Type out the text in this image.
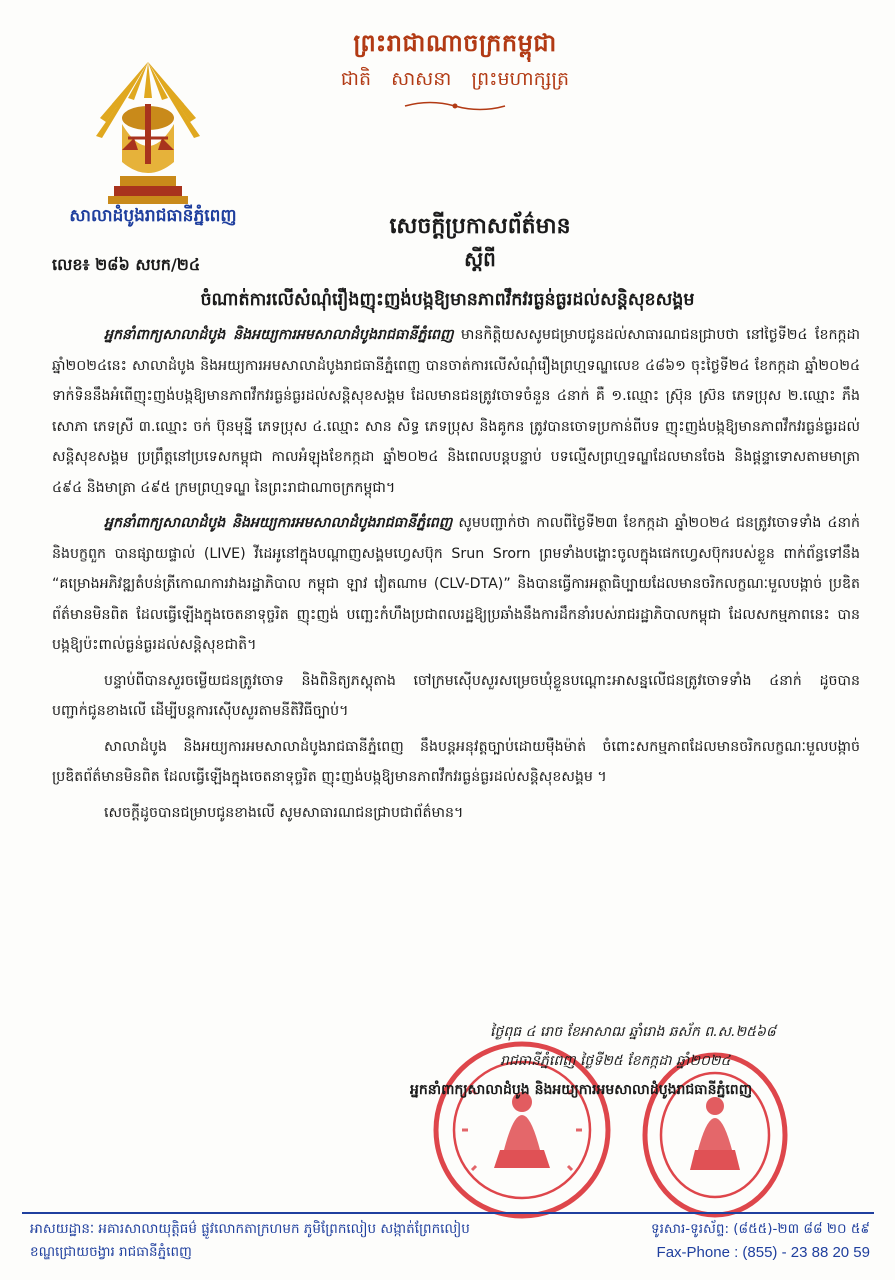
សាលាដំបូងរាជធានីភ្នំពេញ
ព្រះរាជាណាចក្រកម្ពុជា
ជាតិ សាសនា ព្រះមហាក្សត្រ
លេខ៖ ២៨៦ សបក/២៤
សេចក្ដីប្រកាសព័ត៌មាន
ស្ដីពី
ចំណាត់ការលើសំណុំរឿងញុះញង់បង្កឱ្យមានភាពវឹកវរធ្ងន់ធ្ងរដល់សន្ដិសុខសង្គម

អ្នកនាំពាក្យសាលាដំបូង និងអយ្យការអមសាលាដំបូងរាជធានីភ្នំពេញ មានកិត្តិយសសូមជម្រាបជូនដល់សាធារណជនជ្រាបថា នៅថ្ងៃទី២៤ ខែកក្កដា ឆ្នាំ២០២៤នេះ សាលាដំបូង និងអយ្យការអមសាលាដំបូងរាជធានីភ្នំពេញ បានចាត់ការលើសំណុំរឿងព្រហ្មទណ្ឌលេខ ៤៨៦១ ចុះថ្ងៃទី២៤ ខែកក្កដា ឆ្នាំ២០២៤ ទាក់ទិននឹងអំពើញុះញង់បង្កឱ្យមានភាពវឹកវរធ្ងន់ធ្ងរដល់សន្តិសុខសង្គម ដែលមានជនត្រូវចោទចំនួន ៤នាក់ គឺ ១.ឈ្មោះ ស្រ៊ុន ស្រ៊ន ភេទប្រុស ២.ឈ្មោះ ភឹង សោភា ភេទស្រី ៣.ឈ្មោះ ចក់ ប៊ុនមុន្នី ភេទប្រុស ៤.ឈ្មោះ សាន សិទ្ធ ភេទប្រុស និងគូកន ត្រូវបានចោទប្រកាន់ពីបទ ញុះញង់បង្កឱ្យមានភាពវឹកវរធ្ងន់ធ្ងរដល់សន្តិសុខសង្គម ប្រព្រឹត្តនៅប្រទេសកម្ពុជា កាលអំឡុងខែកក្កដា ឆ្នាំ២០២៤ និងពេលបន្តបន្ទាប់ បទល្មើសព្រហ្មទណ្ឌដែលមានចែង និងផ្ដន្ទាទោសតាមមាត្រា ៤៩៤ និងមាត្រា ៤៩៥ ក្រមព្រហ្មទណ្ឌ នៃព្រះរាជាណាចក្រកម្ពុជា។

អ្នកនាំពាក្យសាលាដំបូង និងអយ្យការអមសាលាដំបូងរាជធានីភ្នំពេញ សូមបញ្ជាក់ថា កាលពីថ្ងៃទី២៣ ខែកក្កដា ឆ្នាំ២០២៤ ជនត្រូវចោទទាំង ៤នាក់ និងបក្ខពួក បានផ្សាយផ្ទាល់ (LIVE) វីដេអូនៅក្នុងបណ្ដាញសង្គមហ្វេសប៊ុក Srun Srorn ព្រមទាំងបង្ហោះចូលក្នុងផេកហ្វេសប៊ុករបស់ខ្លួន ពាក់ព័ន្ធទៅនឹង “គម្រោងអភិវឌ្ឍតំបន់ត្រីកោណការវាងរដ្ឋាភិបាល កម្ពុជា ឡាវ វៀតណាម (CLV-DTA)” និងបានធ្វើការអត្ថាធិប្បាយដែលមានចរិកលក្ខណៈមួលបង្កាច់ ប្រឌិតព័ត៌មានមិនពិត ដែលធ្វើឡើងក្នុងចេតនាទុច្ចរិត ញុះញង់ បញ្ឆេះកំហឹងប្រជាពលរដ្ឋឱ្យប្រឆាំងនឹងការដឹកនាំរបស់រាជរដ្ឋាភិបាលកម្ពុជា ដែលសកម្មភាពនេះ បានបង្កឱ្យប៉ះពាល់ធ្ងន់ធ្ងរដល់សន្តិសុខជាតិ។

បន្ទាប់ពីបានសួរចម្លើយជនត្រូវចោទ និងពិនិត្យភស្ដុតាង ចៅក្រមស៊ើបសួរសម្រេចឃុំខ្លួនបណ្ដោះអាសន្នលើជនត្រូវចោទទាំង ៤នាក់ ដូចបានបញ្ជាក់ជូនខាងលើ ដើម្បីបន្តការស៊ើបសួរតាមនីតិវិធីច្បាប់។

សាលាដំបូង និងអយ្យការអមសាលាដំបូងរាជធានីភ្នំពេញ នឹងបន្តអនុវត្តច្បាប់ដោយម៉ឺងម៉ាត់ ចំពោះសកម្មភាពដែលមានចរិកលក្ខណៈមួលបង្កាច់ ប្រឌិតព័ត៌មានមិនពិត ដែលធ្វើឡើងក្នុងចេតនាទុច្ចរិត ញុះញង់បង្កឱ្យមានភាពវឹកវរធ្ងន់ធ្ងរដល់សន្តិសុខសង្គម ។

សេចក្ដីដូចបានជម្រាបជូនខាងលើ សូមសាធារណជនជ្រាបជាព័ត៌មាន។

ថ្ងៃពុធ ៤ រោច ខែអាសាឍ ឆ្នាំរោង ឆស័ក ព.ស.២៥៦៨
រាជធានីភ្នំពេញ ថ្ងៃទី២៥ ខែកក្កដា ឆ្នាំ២០២៤
អ្នកនាំពាក្យសាលាដំបូង និងអយ្យការអមសាលាដំបូងរាជធានីភ្នំពេញ
អាសយដ្ឋានៈ អគារសាលាយុត្តិធម៌ ផ្លូវលោកតាក្រហមក ភូមិព្រែកលៀប សង្កាត់ព្រែកលៀប
ខណ្ឌជ្រោយចង្វារ រាជធានីភ្នំពេញ
ទូរសារ-ទូរស័ព្ទ: (៨៥៥)-២៣ ៨៨ ២០ ៥៩
Fax-Phone : (855) - 23 88 20 59
